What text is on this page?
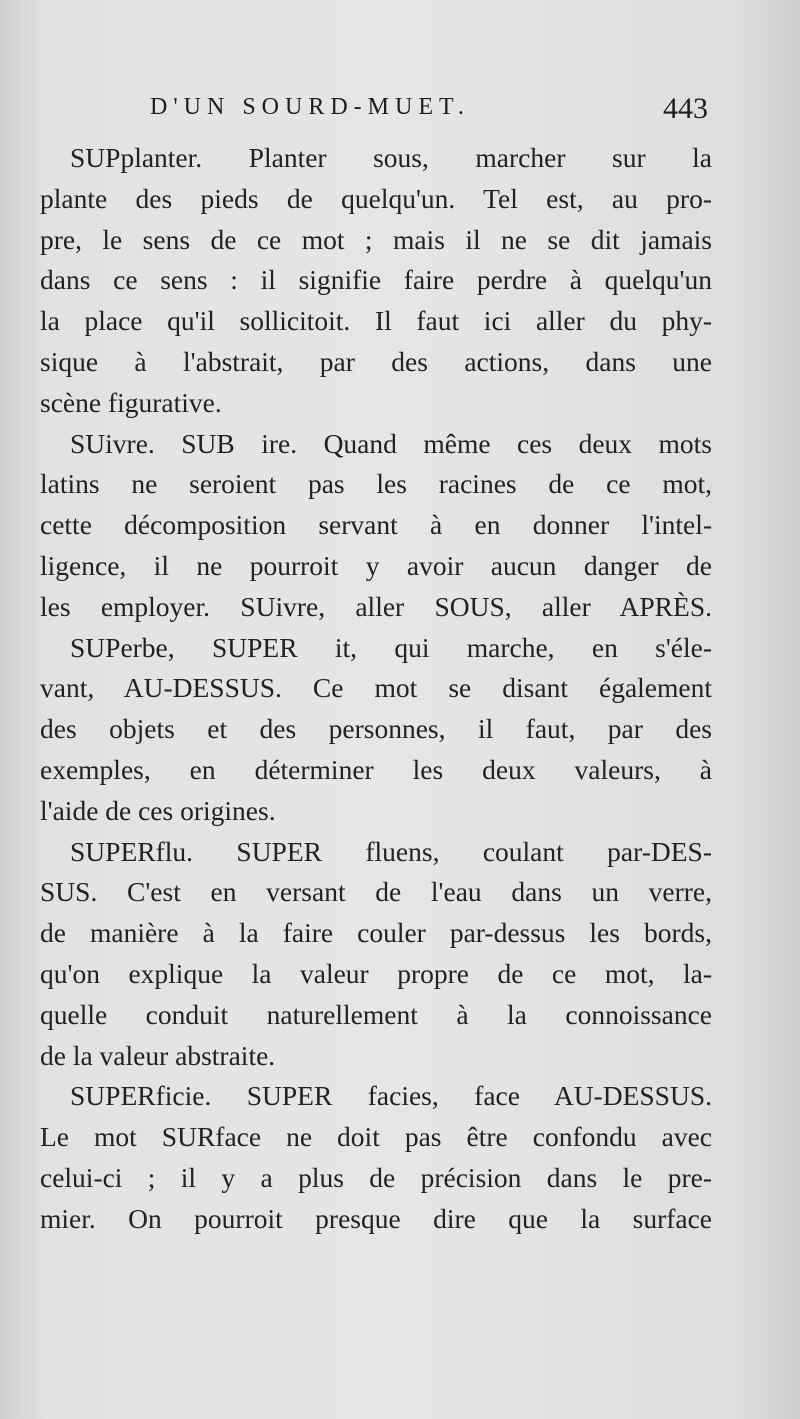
D'UN SOURD-MUET.	443
SUPplanter. Planter sous, marcher sur la
plante des pieds de quelqu'un. Tel est, au pro-
pre, le sens de ce mot ; mais il ne se dit jamais
dans ce sens : il signifie faire perdre à quelqu'un
la place qu'il sollicitoit. Il faut ici aller du phy-
sique à l'abstrait, par des actions, dans une
scène figurative.
SUivre. SUB ire. Quand même ces deux mots
latins ne seroient pas les racines de ce mot,
cette décomposition servant à en donner l'intel-
ligence, il ne pourroit y avoir aucun danger de
les employer. SUivre, aller SOUS, aller APRÈS.
SUPerbe, SUPER it, qui marche, en s'éle-
vant, AU-DESSUS. Ce mot se disant également
des objets et des personnes, il faut, par des
exemples, en déterminer les deux valeurs, à
l'aide de ces origines.
SUPERflu. SUPER fluens, coulant par-DES-
SUS. C'est en versant de l'eau dans un verre,
de manière à la faire couler par-dessus les bords,
qu'on explique la valeur propre de ce mot, la-
quelle conduit naturellement à la connoissance
de la valeur abstraite.
SUPERficie. SUPER facies, face AU-DESSUS.
Le mot SURface ne doit pas être confondu avec
celui-ci ; il y a plus de précision dans le pre-
mier. On pourroit presque dire que la surface
